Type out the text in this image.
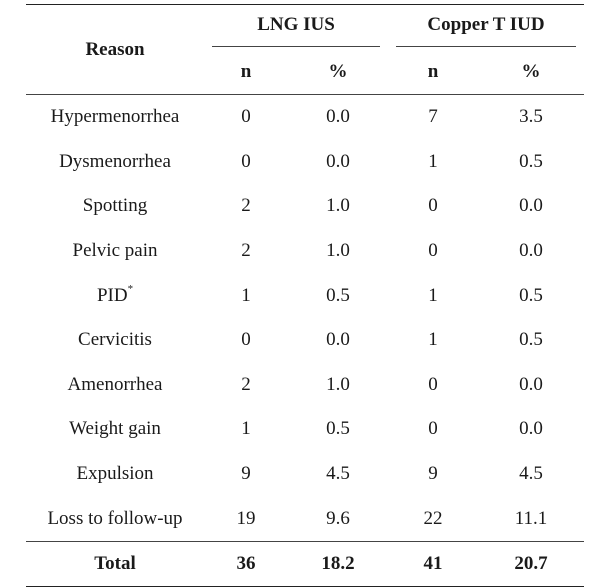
Reason	LNG IUS		Copper T IUD	

	n	%	n	%
Hypermenorrhea	0	0.0	7	3.5
Dysmenorrhea	0	0.0	1	0.5
Spotting	2	1.0	0	0.0
Pelvic pain	2	1.0	0	0.0
PID*	1	0.5	1	0.5
Cervicitis	0	0.0	1	0.5
Amenorrhea	2	1.0	0	0.0
Weight gain	1	0.5	0	0.0
Expulsion	9	4.5	9	4.5
Loss to follow-up	19	9.6	22	11.1
Total	36	18.2	41	20.7
